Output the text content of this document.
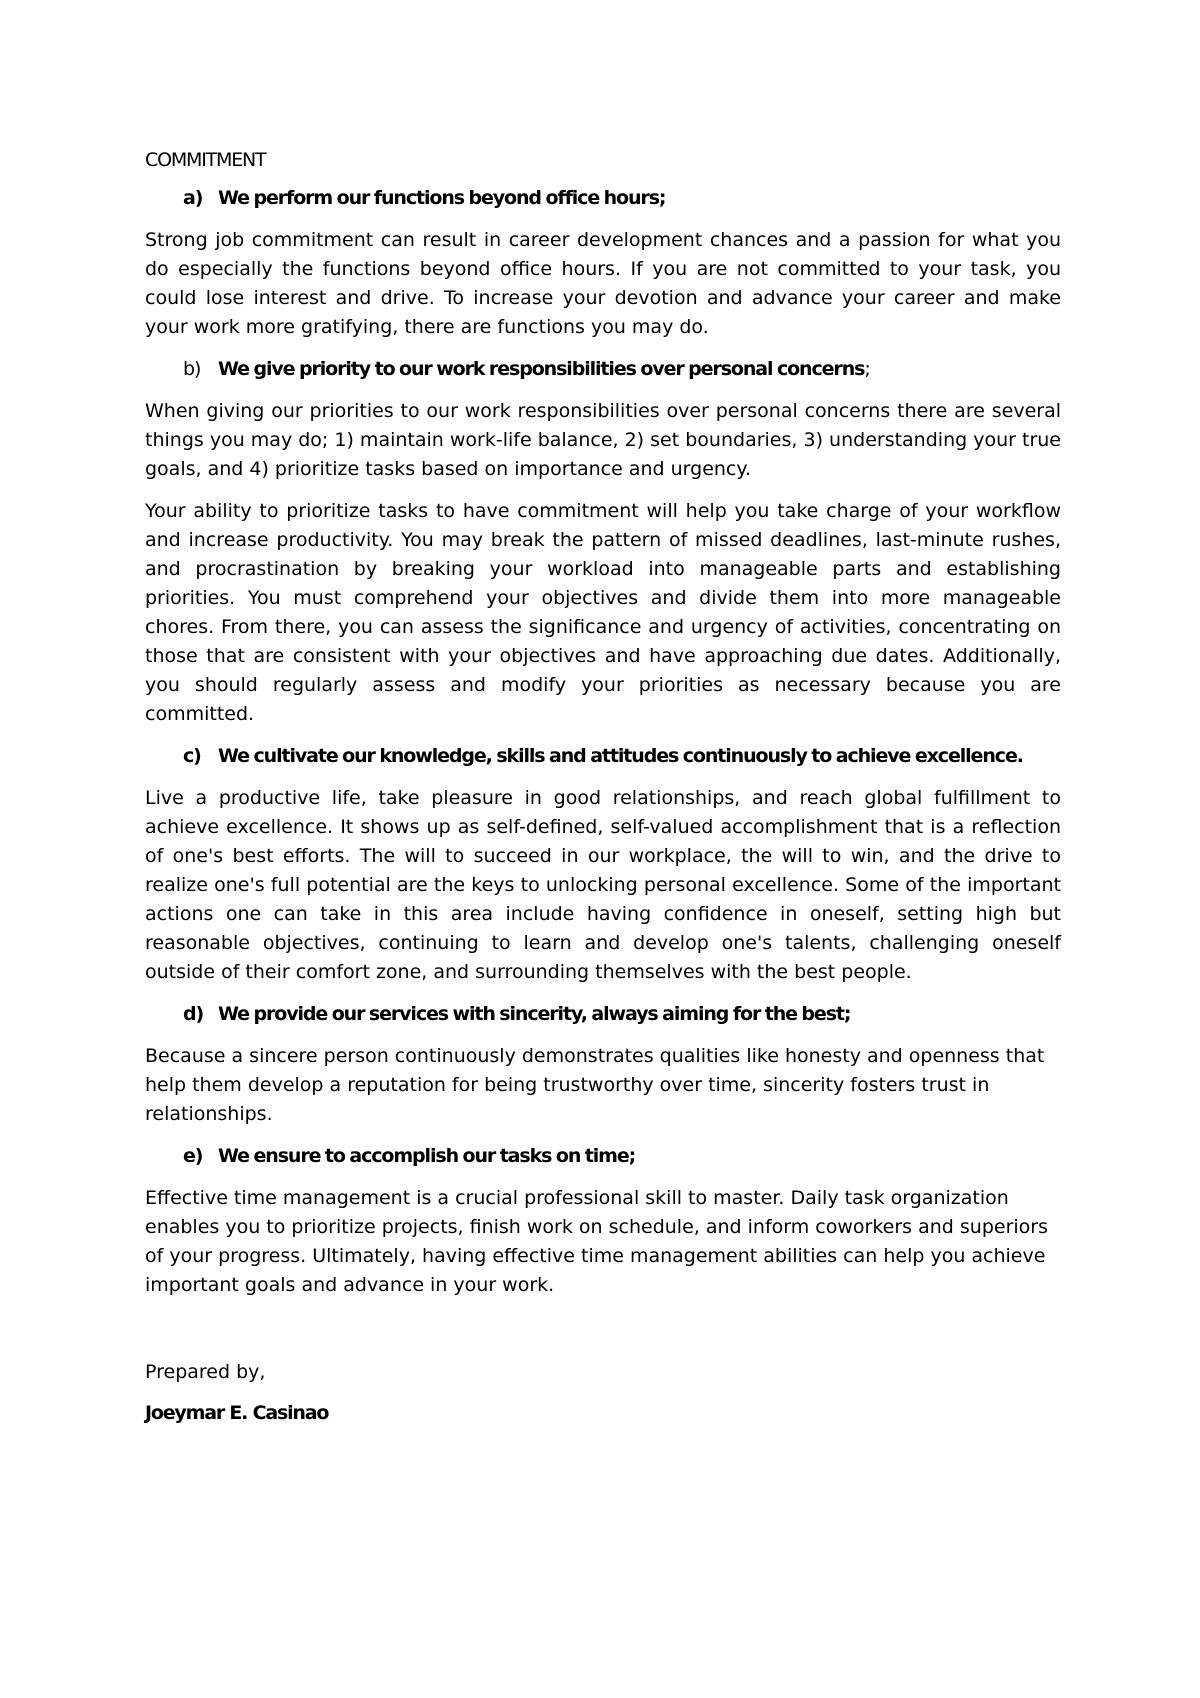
COMMITMENT

a) We perform our functions beyond office hours;

Strong job commitment can result in career development chances and a passion for what you do especially the functions beyond office hours. If you are not committed to your task, you could lose interest and drive. To increase your devotion and advance your career and make your work more gratifying, there are functions you may do.

b) We give priority to our work responsibilities over personal concerns;

When giving our priorities to our work responsibilities over personal concerns there are several things you may do; 1) maintain work-life balance, 2) set boundaries, 3) understanding your true goals, and 4) prioritize tasks based on importance and urgency.

Your ability to prioritize tasks to have commitment will help you take charge of your workflow and increase productivity. You may break the pattern of missed deadlines, last-minute rushes, and procrastination by breaking your workload into manageable parts and establishing priorities. You must comprehend your objectives and divide them into more manageable chores. From there, you can assess the significance and urgency of activities, concentrating on those that are consistent with your objectives and have approaching due dates. Additionally, you should regularly assess and modify your priorities as necessary because you are committed.

c) We cultivate our knowledge, skills and attitudes continuously to achieve excellence.

Live a productive life, take pleasure in good relationships, and reach global fulfillment to achieve excellence. It shows up as self-defined, self-valued accomplishment that is a reflection of one's best efforts. The will to succeed in our workplace, the will to win, and the drive to realize one's full potential are the keys to unlocking personal excellence. Some of the important actions one can take in this area include having confidence in oneself, setting high but reasonable objectives, continuing to learn and develop one's talents, challenging oneself outside of their comfort zone, and surrounding themselves with the best people.

d) We provide our services with sincerity, always aiming for the best;

Because a sincere person continuously demonstrates qualities like honesty and openness that help them develop a reputation for being trustworthy over time, sincerity fosters trust in relationships.

e) We ensure to accomplish our tasks on time;

Effective time management is a crucial professional skill to master. Daily task organization enables you to prioritize projects, finish work on schedule, and inform coworkers and superiors of your progress. Ultimately, having effective time management abilities can help you achieve important goals and advance in your work.

Prepared by,

Joeymar E. Casinao
